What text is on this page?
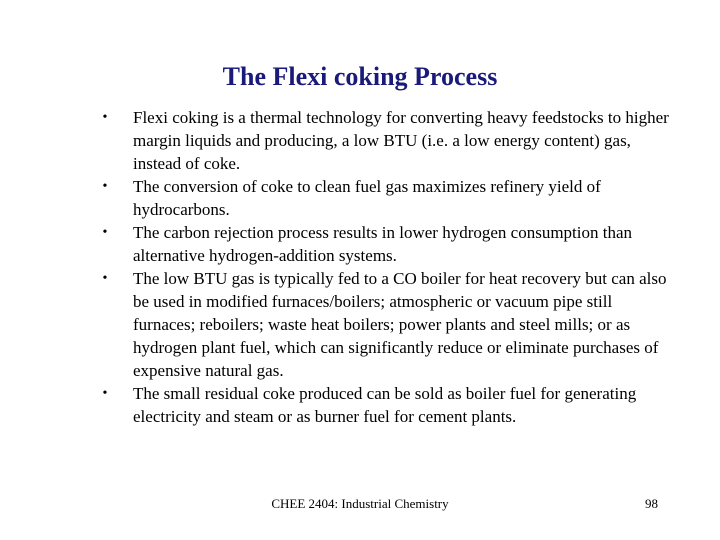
The Flexi coking Process
•	Flexi coking is a thermal technology for converting heavy feedstocks to higher margin liquids and producing, a low BTU (i.e. a low energy content) gas, instead of coke.
•	The conversion of coke to clean fuel gas maximizes refinery yield of hydrocarbons.
•	The carbon rejection process results in lower hydrogen consumption than alternative hydrogen-addition systems.
•	The low BTU gas is typically fed to a CO boiler for heat recovery but can also be used in modified furnaces/boilers; atmospheric or vacuum pipe still furnaces; reboilers; waste heat boilers; power plants and steel mills; or as hydrogen plant fuel, which can significantly reduce or eliminate purchases of expensive natural gas.
•	The small residual coke produced can be sold as boiler fuel for generating electricity and steam or as burner fuel for cement plants.
CHEE 2404: Industrial Chemistry	98
